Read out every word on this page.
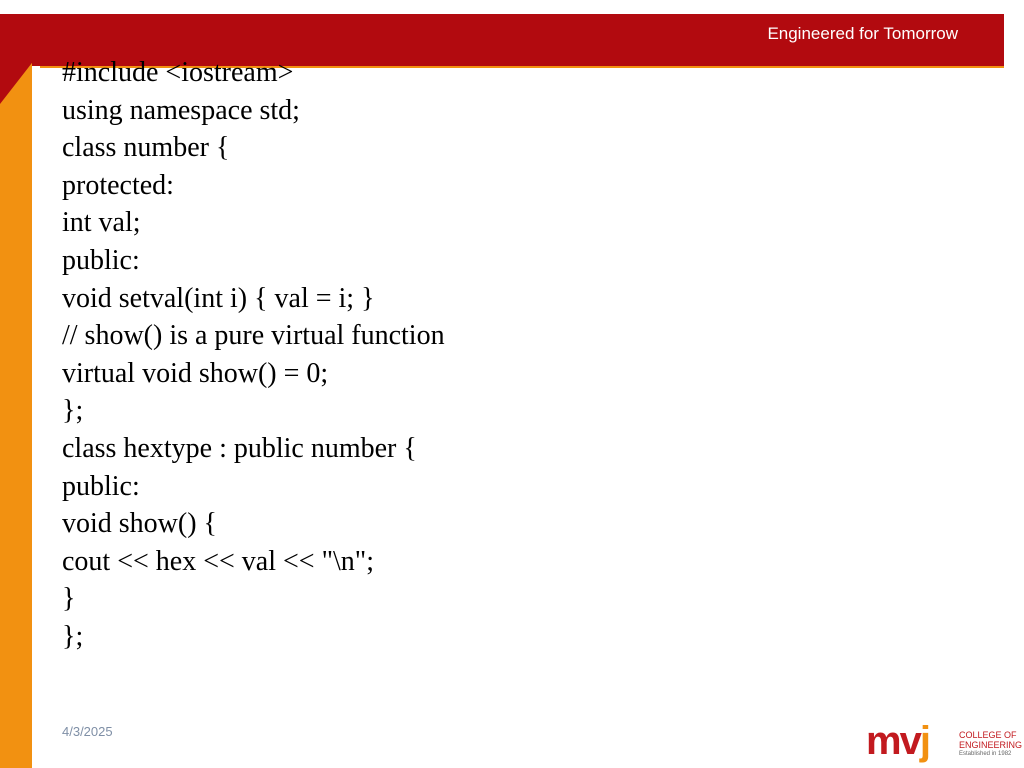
Engineered for Tomorrow
#include <iostream>
using namespace std;
class number {
protected:
int val;
public:
void setval(int i) { val = i; }
// show() is a pure virtual function
virtual void show() = 0;
};
class hextype : public number {
public:
void show() {
cout << hex << val << "\n";
}
};
4/3/2025	mvj	COLLEGE OF
ENGINEERING
Established in 1982
